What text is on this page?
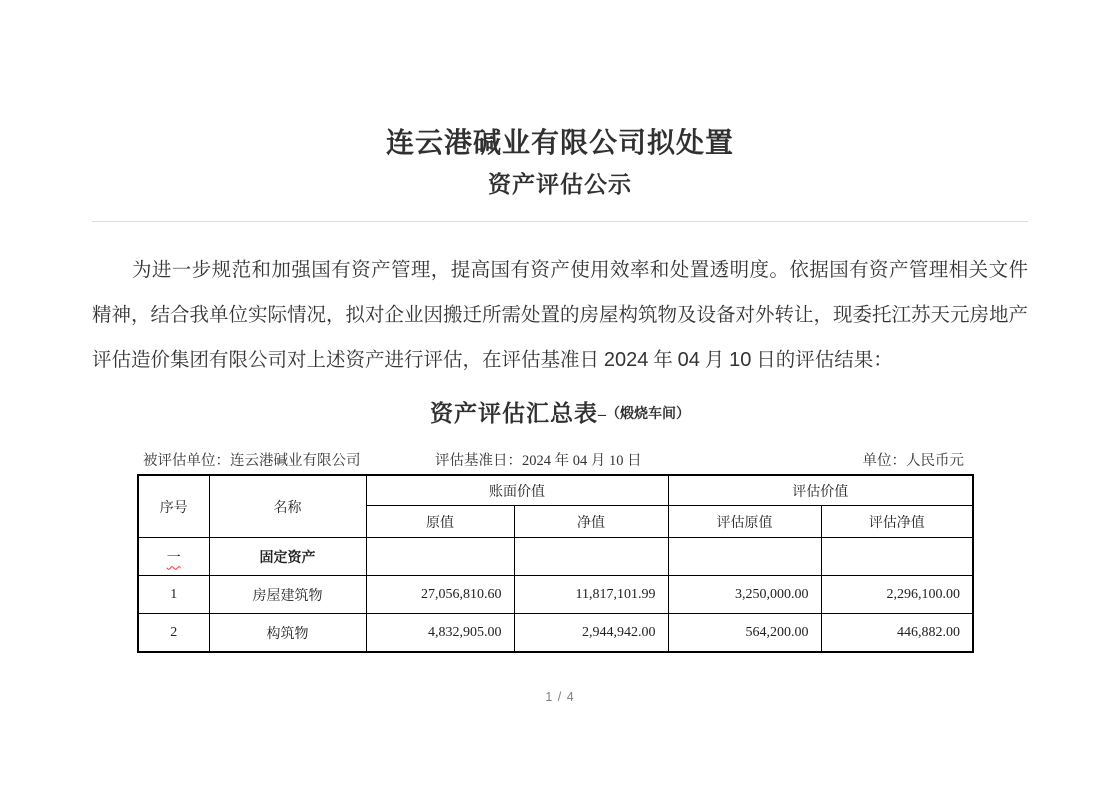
连云港碱业有限公司拟处置
资产评估公示

为进一步规范和加强国有资产管理，提高国有资产使用效率和处置透明度。依据国有资产管理相关文件精神，结合我单位实际情况，拟对企业因搬迁所需处置的房屋构筑物及设备对外转让，现委托江苏天元房地产评估造价集团有限公司对上述资产进行评估，在评估基准日 2024 年 04 月 10 日的评估结果：

资产评估汇总表–（煅烧车间）
被评估单位：连云港碱业有限公司	评估基准日：2024 年 04 月 10 日	单位：人民币元
序号	名称	账面价值		评估价值	
		原值	净值	评估原值	评估净值
一	固定资产				
1	房屋建筑物	27,056,810.60	11,817,101.99	3,250,000.00	2,296,100.00
2	构筑物	4,832,905.00	2,944,942.00	564,200.00	446,882.00
1 / 4
